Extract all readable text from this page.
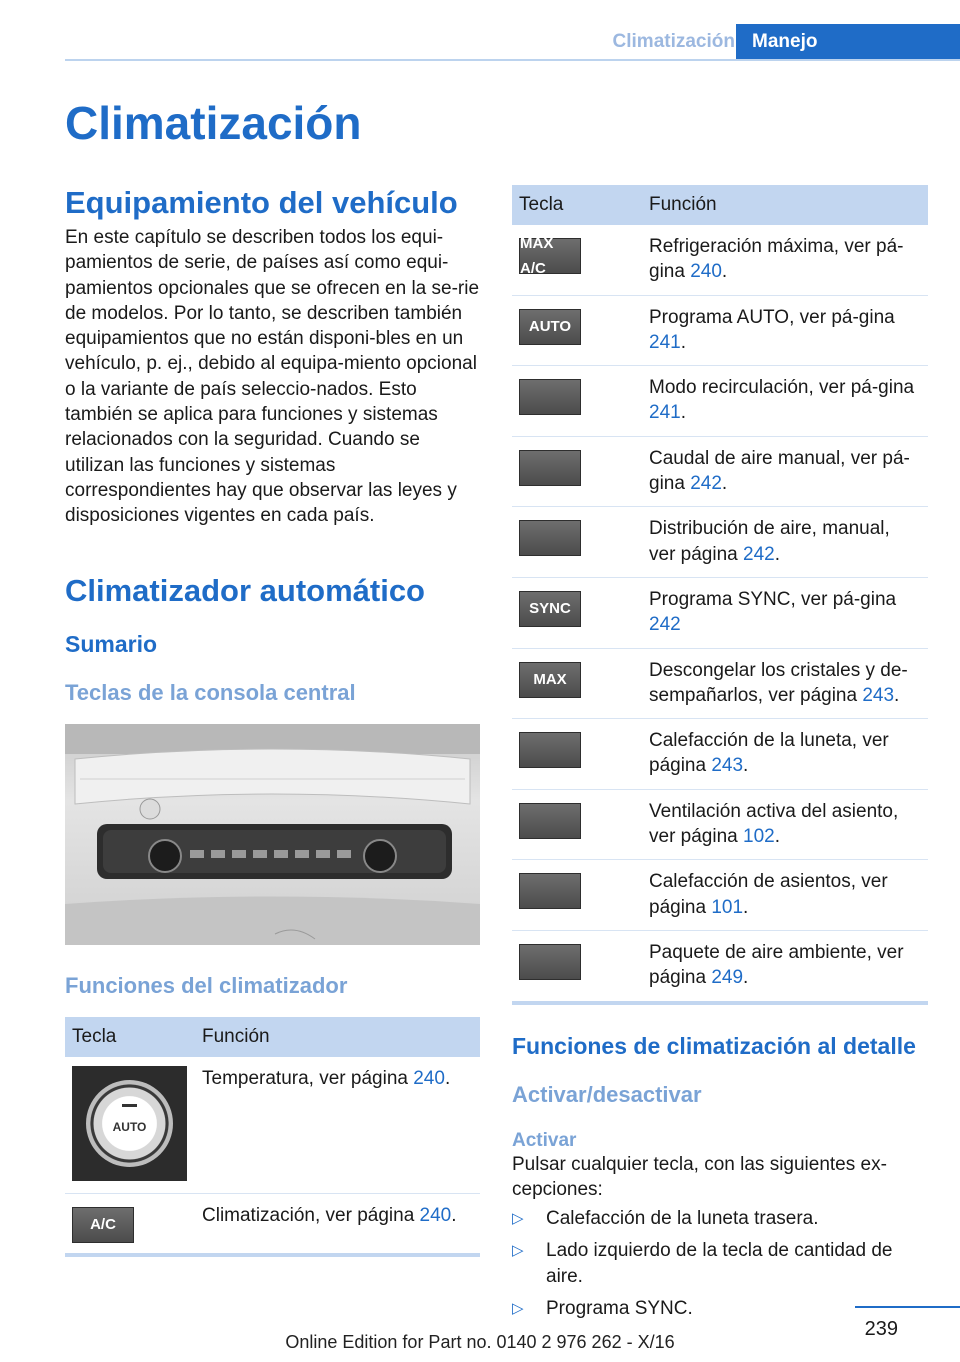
Climatización Manejo
Climatización
Equipamiento del vehículo

En este capítulo se describen todos los equi-pamientos de serie, de países así como equi-pamientos opcionales que se ofrecen en la se-rie de modelos. Por lo tanto, se describen también equipamientos que no están disponi-bles en un vehículo, p. ej., debido al equipa-miento opcional o la variante de país seleccio-nados. Esto también se aplica para funciones y sistemas relacionados con la seguridad. Cuando se utilizan las funciones y sistemas correspondientes hay que observar las leyes y disposiciones vigentes en cada país.

Climatizador automático
Sumario
Teclas de la consola central
Funciones del climatizador
Tecla	Función

AUTO	Temperatura, ver página 240.

A/C	Climatización, ver página 240.
Tecla	Función

MAX A/C	Refrigeración máxima, ver pá-gina 240.

AUTO	Programa AUTO, ver pá-gina 241.

	Modo recirculación, ver pá-gina 241.

	Caudal de aire manual, ver pá-gina 242.

	Distribución de aire, manual, ver página 242.

SYNC	Programa SYNC, ver pá-gina 242

MAX	Descongelar los cristales y de-sempañarlos, ver página 243.

	Calefacción de la luneta, ver página 243.

	Ventilación activa del asiento, ver página 102.

	Calefacción de asientos, ver página 101.

	Paquete de aire ambiente, ver página 249.
Funciones de climatización al detalle
Activar/desactivar
Activar

Pulsar cualquier tecla, con las siguientes ex-cepciones:

▷ Calefacción de la luneta trasera.
▷ Lado izquierdo de la tecla de cantidad de aire.
▷ Programa SYNC.
239
Online Edition for Part no. 0140 2 976 262 - X/16
